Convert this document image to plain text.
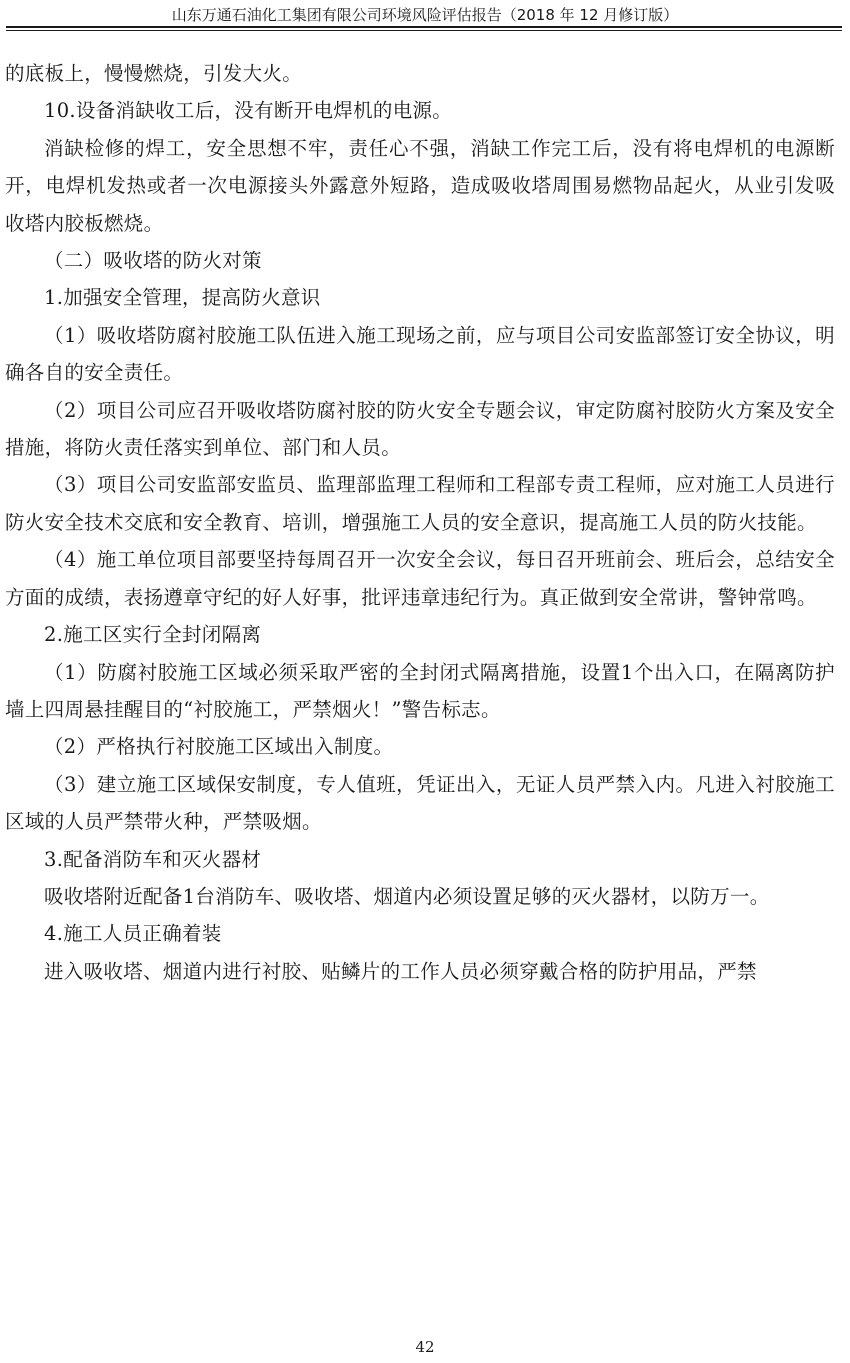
山东万通石油化工集团有限公司环境风险评估报告（2018 年 12 月修订版）

的底板上，慢慢燃烧，引发大火。

10.设备消缺收工后，没有断开电焊机的电源。

消缺检修的焊工，安全思想不牢，责任心不强，消缺工作完工后，没有将电焊机的电源断开，电焊机发热或者一次电源接头外露意外短路，造成吸收塔周围易燃物品起火，从业引发吸收塔内胶板燃烧。

（二）吸收塔的防火对策

1.加强安全管理，提高防火意识

（1）吸收塔防腐衬胶施工队伍进入施工现场之前，应与项目公司安监部签订安全协议，明确各自的安全责任。

（2）项目公司应召开吸收塔防腐衬胶的防火安全专题会议，审定防腐衬胶防火方案及安全措施，将防火责任落实到单位、部门和人员。

（3）项目公司安监部安监员、监理部监理工程师和工程部专责工程师，应对施工人员进行防火安全技术交底和安全教育、培训，增强施工人员的安全意识，提高施工人员的防火技能。

（4）施工单位项目部要坚持每周召开一次安全会议，每日召开班前会、班后会，总结安全方面的成绩，表扬遵章守纪的好人好事，批评违章违纪行为。真正做到安全常讲，警钟常鸣。

2.施工区实行全封闭隔离

（1）防腐衬胶施工区域必须采取严密的全封闭式隔离措施，设置1个出入口，在隔离防护墙上四周悬挂醒目的“衬胶施工，严禁烟火！”警告标志。

（2）严格执行衬胶施工区域出入制度。

（3）建立施工区域保安制度，专人值班，凭证出入，无证人员严禁入内。凡进入衬胶施工区域的人员严禁带火种，严禁吸烟。

3.配备消防车和灭火器材

吸收塔附近配备1台消防车、吸收塔、烟道内必须设置足够的灭火器材，以防万一。

4.施工人员正确着装

进入吸收塔、烟道内进行衬胶、贴鳞片的工作人员必须穿戴合格的防护用品，严禁

42
